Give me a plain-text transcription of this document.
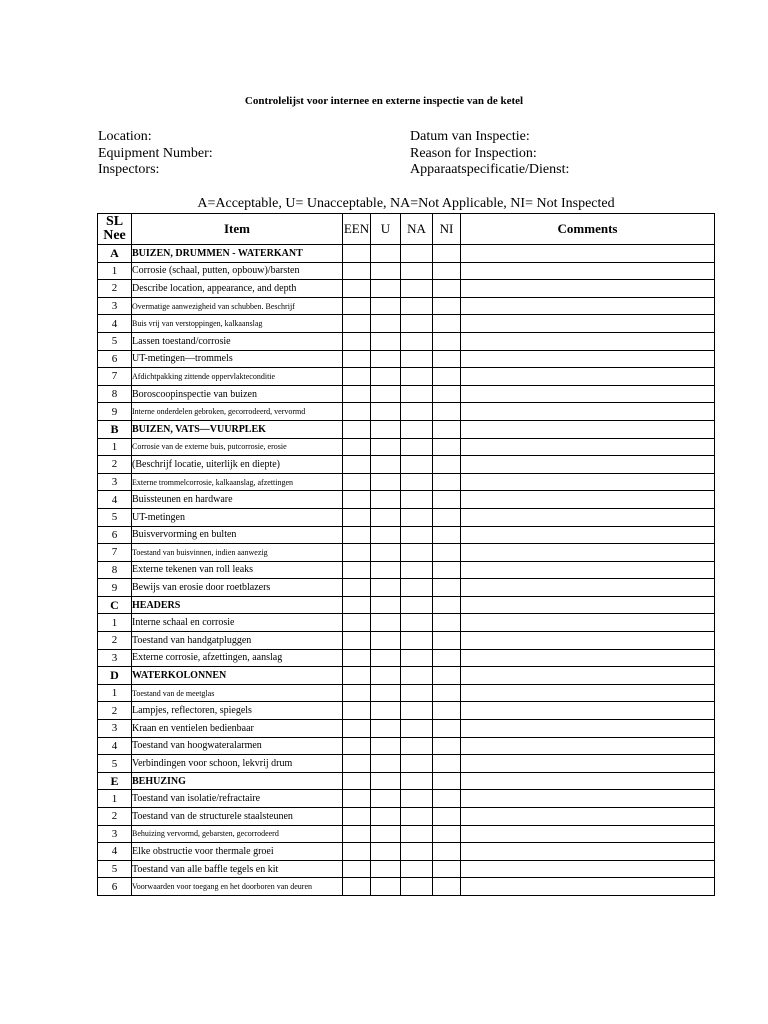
Controlelijst voor internee en externe inspectie van de ketel
Location:
Equipment Number:
Inspectors:
Datum van Inspectie:
Reason for Inspection:
Apparaatspecificatie/Dienst:
A=Acceptable, U= Unacceptable, NA=Not Applicable, NI= Not Inspected
SL
Nee	Item	EEN	U	NA	NI	Comments
A	BUIZEN, DRUMMEN - WATERKANT					
1	Corrosie (schaal, putten, opbouw)/barsten					
2	Describe location, appearance, and depth					
3	Overmatige aanwezigheid van schubben. Beschrijf					
4	Buis vrij van verstoppingen, kalkaanslag					
5	Lassen toestand/corrosie					
6	UT-metingen—trommels					
7	Afdichtpakking zittende oppervlakteconditie					
8	Boroscoopinspectie van buizen					
9	Interne onderdelen gebroken, gecorrodeerd, vervormd					
B	BUIZEN, VATS—VUURPLEK					
1	Corrosie van de externe buis, putcorrosie, erosie					
2	(Beschrijf locatie, uiterlijk en diepte)					
3	Externe trommelcorrosie, kalkaanslag, afzettingen					
4	Buissteunen en hardware					
5	UT-metingen					
6	Buisvervorming en bulten					
7	Toestand van buisvinnen, indien aanwezig					
8	Externe tekenen van roll leaks					
9	Bewijs van erosie door roetblazers					
C	HEADERS					
1	Interne schaal en corrosie					
2	Toestand van handgatpluggen					
3	Externe corrosie, afzettingen, aanslag					
D	WATERKOLONNEN					
1	Toestand van de meetglas					
2	Lampjes, reflectoren, spiegels					
3	Kraan en ventielen bedienbaar					
4	Toestand van hoogwateralarmen					
5	Verbindingen voor schoon, lekvrij drum					
E	BEHUZING					
1	Toestand van isolatie/refractaire					
2	Toestand van de structurele staalsteunen					
3	Behuizing vervormd, gebarsten, gecorrodeerd					
4	Elke obstructie voor thermale groei					
5	Toestand van alle baffle tegels en kit					
6	Voorwaarden voor toegang en het doorboren van deuren					
